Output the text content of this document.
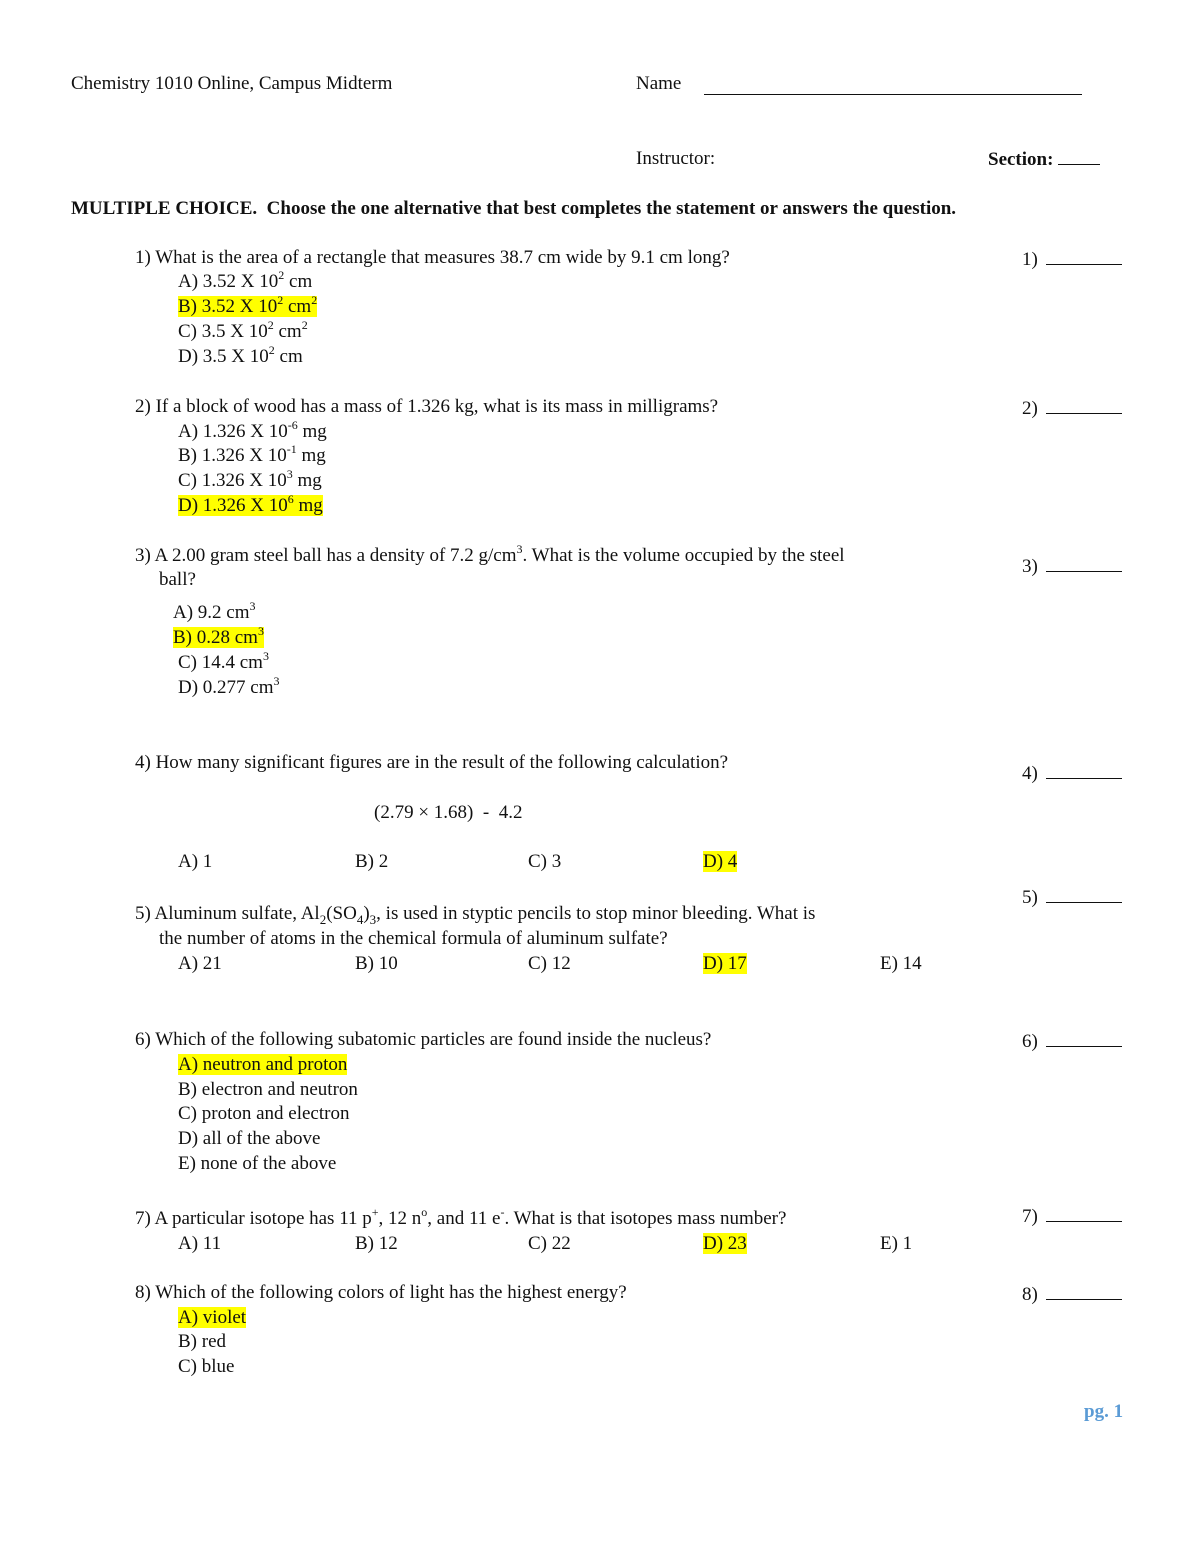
Chemistry 1010 Online, Campus Midterm	Name
Instructor:	Section:
MULTIPLE CHOICE. Choose the one alternative that best completes the statement or answers the question.
1) What is the area of a rectangle that measures 38.7 cm wide by 9.1 cm long?	1)
A) 3.52 X $10^2$ cm
B) 3.52 X $10^2$ $cm^2$
C) 3.5 X $10^2$ $cm^2$
D) 3.5 X $10^2$ cm
2) If a block of wood has a mass of 1.326 kg, what is its mass in milligrams?	2)
A) 1.326 X $10^{-6}$ mg
B) 1.326 X $10^{-1}$ mg
C) 1.326 X $10^3$ mg
D) 1.326 X $10^6$ mg
3) A 2.00 gram steel ball has a density of 7.2 $g/cm^3$. What is the volume occupied by the steel
ball?
3)
A) 9.2 $cm^3$
B) 0.28 $cm^3$
C) 14.4 $cm^3$
D) 0.277 $cm^3$
4) How many significant figures are in the result of the following calculation?
4)
(2.79 × 1.68)  -  4.2
A) 1	B) 2	C) 3	D) 4
5)
5) Aluminum sulfate, $Al_2(SO_4)_3$, is used in styptic pencils to stop minor bleeding. What is
the number of atoms in the chemical formula of aluminum sulfate?
A) 21	B) 10	C) 12	D) 17	E) 14
6) Which of the following subatomic particles are found inside the nucleus?	6)
A) neutron and proton
B) electron and neutron
C) proton and electron
D) all of the above
E) none of the above
7)
7) A particular isotope has 11 p+, 12 $n^o$, and 11 e-. What is that isotopes mass number?
A) 11	B) 12	C) 22	D) 23	E) 1
8) Which of the following colors of light has the highest energy?	8)
A) violet
B) red
C) blue
pg. 1
